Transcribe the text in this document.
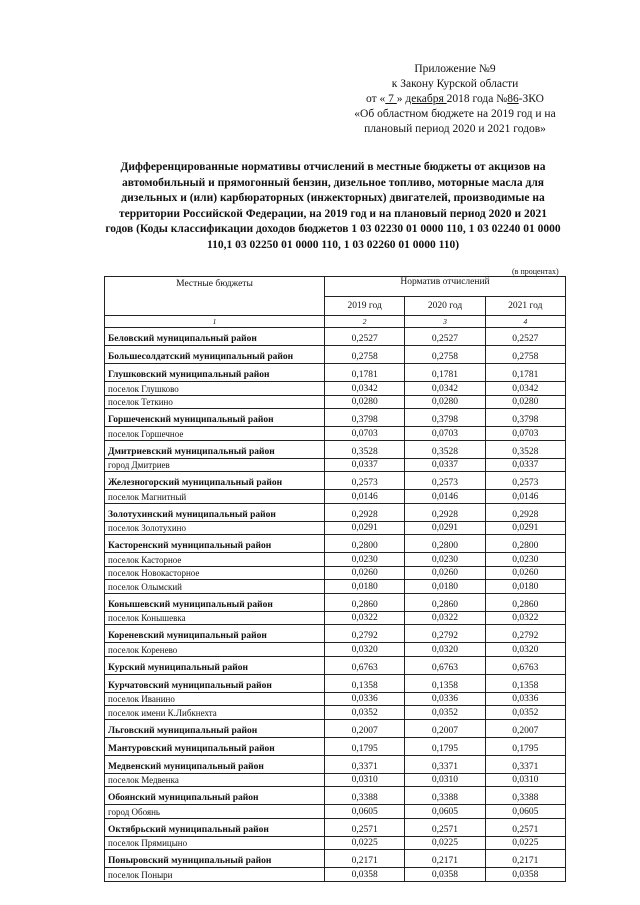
Приложение №9
к Закону Курской области
от « 7 » декабря 2018 года №86-ЗКО
«Об областном бюджете на 2019 год и на
плановый период 2020 и 2021 годов»
Дифференцированные нормативы отчислений в местные бюджеты от акцизов на автомобильный и прямогонный бензин, дизельное топливо, моторные масла для дизельных и (или) карбюраторных (инжекторных) двигателей, производимые на территории Российской Федерации, на 2019 год и на плановый период 2020 и 2021 годов (Коды классификации доходов бюджетов 1 03 02230 01 0000 110, 1 03 02240 01 0000 110,1 03 02250 01 0000 110, 1 03 02260 01 0000 110)
(в процентах)
Местные бюджеты	Норматив отчислений		
	2019 год	2020 год	2021 год
1	2	3	4
Беловский муниципальный район	0,2527	0,2527	0,2527
Большесолдатский муниципальный район	0,2758	0,2758	0,2758
Глушковский муниципальный район	0,1781	0,1781	0,1781
поселок Глушково	0,0342	0,0342	0,0342
поселок Теткино	0,0280	0,0280	0,0280
Горшеченский муниципальный район	0,3798	0,3798	0,3798
поселок Горшечное	0,0703	0,0703	0,0703
Дмитриевский муниципальный район	0,3528	0,3528	0,3528
город Дмитриев	0,0337	0,0337	0,0337
Железногорский муниципальный район	0,2573	0,2573	0,2573
поселок Магнитный	0,0146	0,0146	0,0146
Золотухинский муниципальный район	0,2928	0,2928	0,2928
поселок Золотухино	0,0291	0,0291	0,0291
Касторенский муниципальный район	0,2800	0,2800	0,2800
поселок Касторное	0,0230	0,0230	0,0230
поселок Новокасторное	0,0260	0,0260	0,0260
поселок Олымский	0,0180	0,0180	0,0180
Конышевский муниципальный район	0,2860	0,2860	0,2860
поселок Конышевка	0,0322	0,0322	0,0322
Кореневский муниципальный район	0,2792	0,2792	0,2792
поселок Коренево	0,0320	0,0320	0,0320
Курский муниципальный район	0,6763	0,6763	0,6763
Курчатовский муниципальный район	0,1358	0,1358	0,1358
поселок Иванино	0,0336	0,0336	0,0336
поселок имени К.Либкнехта	0,0352	0,0352	0,0352
Льговский муниципальный район	0,2007	0,2007	0,2007
Мантуровский муниципальный район	0,1795	0,1795	0,1795
Медвенский муниципальный район	0,3371	0,3371	0,3371
поселок Медвенка	0,0310	0,0310	0,0310
Обоянский муниципальный район	0,3388	0,3388	0,3388
город Обоянь	0,0605	0,0605	0,0605
Октябрьский муниципальный район	0,2571	0,2571	0,2571
поселок Прямицыно	0,0225	0,0225	0,0225
Поныровский муниципальный район	0,2171	0,2171	0,2171
поселок Поныри	0,0358	0,0358	0,0358
